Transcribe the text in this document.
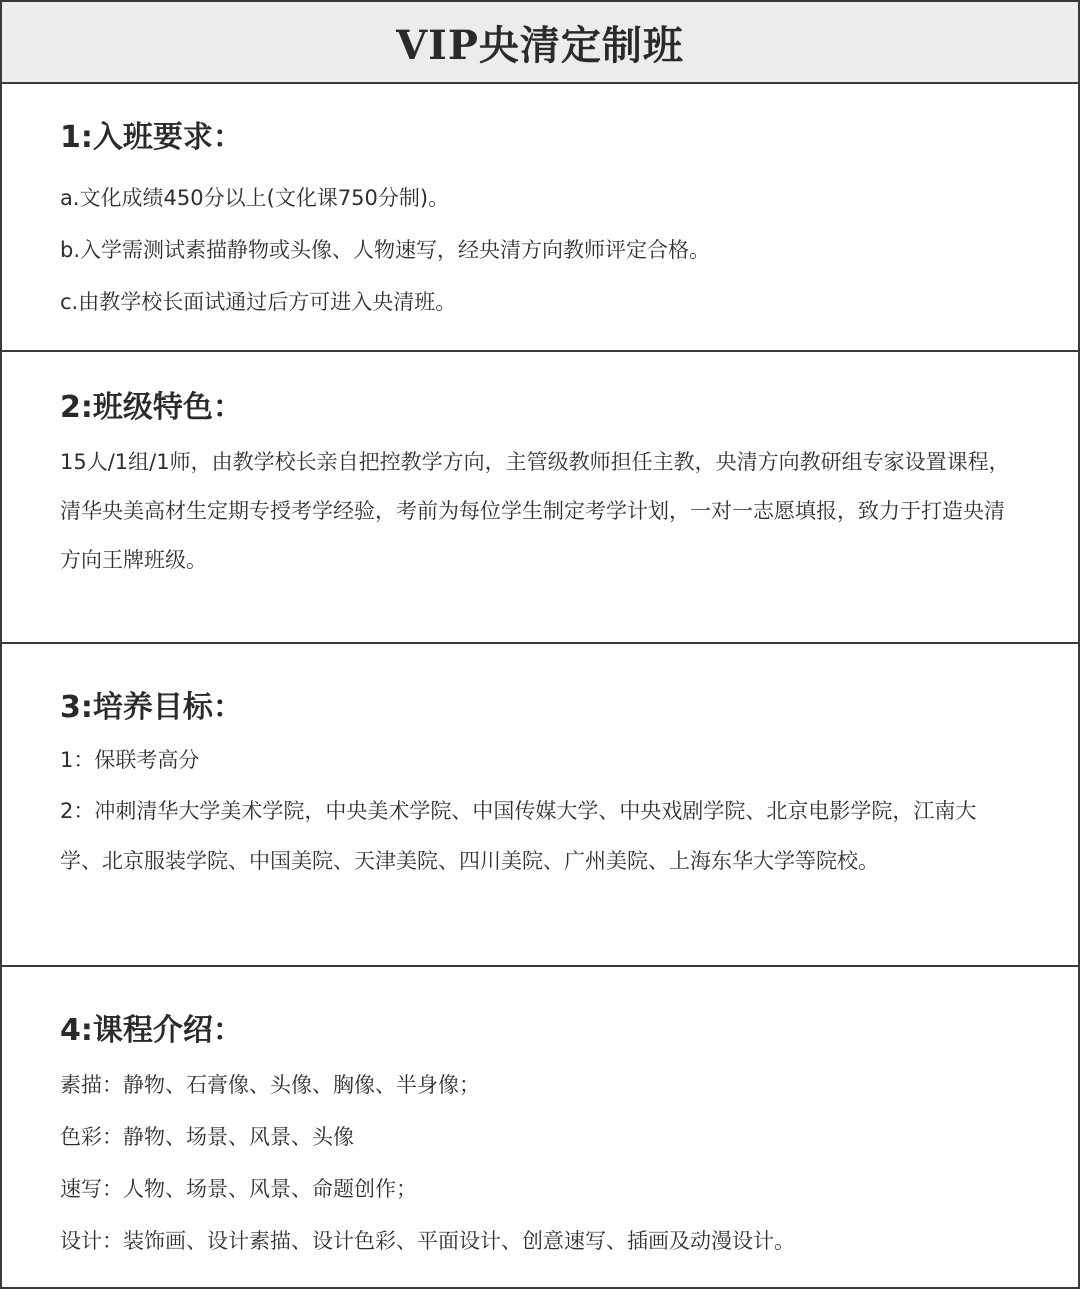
VIP央清定制班
1:入班要求：

a.文化成绩450分以上(文化课750分制)。

b.入学需测试素描静物或头像、人物速写，经央清方向教师评定合格。

c.由教学校长面试通过后方可进入央清班。

2:班级特色：

15人/1组/1师，由教学校长亲自把控教学方向，主管级教师担任主教，央清方向教研组专家设置课程，清华央美高材生定期专授考学经验，考前为每位学生制定考学计划，一对一志愿填报，致力于打造央清方向王牌班级。

3:培养目标：

1：保联考高分

2：冲刺清华大学美术学院，中央美术学院、中国传媒大学、中央戏剧学院、北京电影学院，江南大学、北京服装学院、中国美院、天津美院、四川美院、广州美院、上海东华大学等院校。

4:课程介绍：

素描：静物、石膏像、头像、胸像、半身像；

色彩：静物、场景、风景、头像

速写：人物、场景、风景、命题创作；

设计：装饰画、设计素描、设计色彩、平面设计、创意速写、插画及动漫设计。
